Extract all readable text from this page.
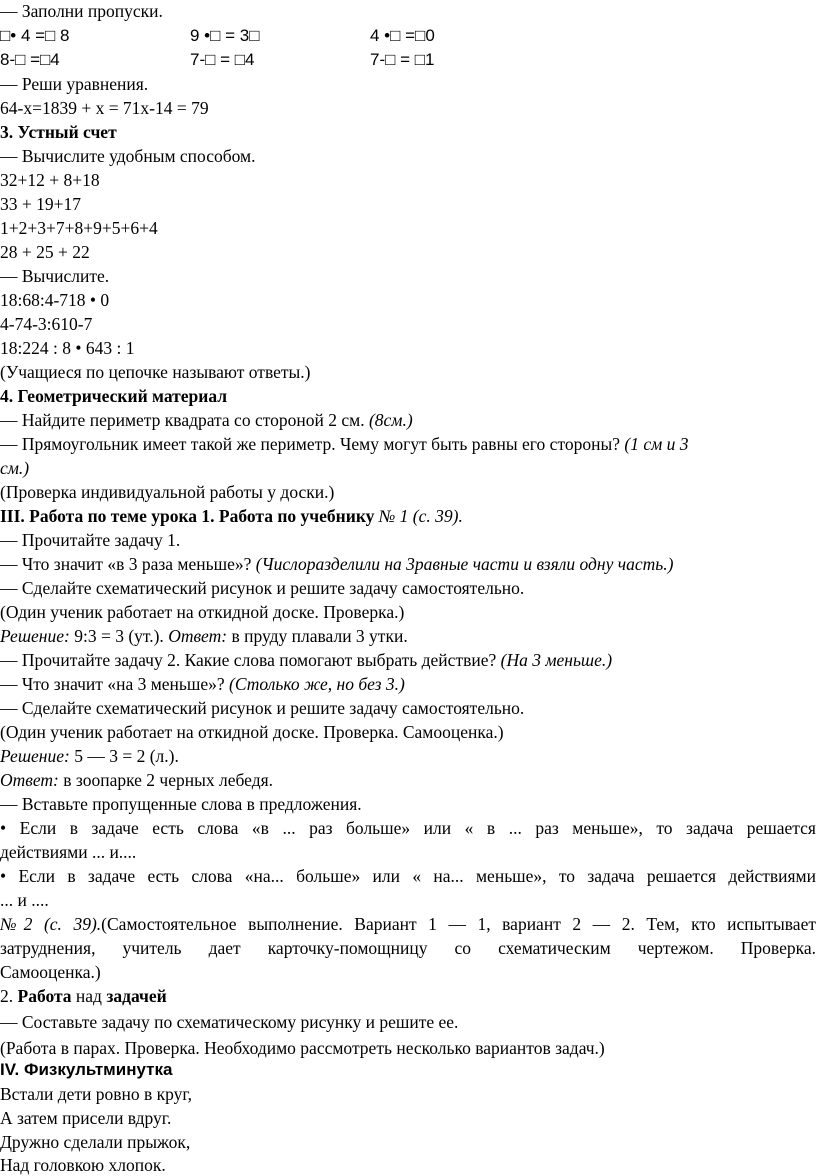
— Заполни пропуски.
□• 4 =□ 8	9 •□ = 3□	4 •□ =□0
8-□ =□4	7-□ = □4	7-□ = □1
— Реши уравнения.
64-х=1839 + х = 71х-14 = 79
3. Устный счет
— Вычислите удобным способом.
32+12 + 8+18
33 + 19+17
1+2+3+7+8+9+5+6+4
28 + 25 + 22
— Вычислите.
18:68:4-718 • 0
4-74-3:610-7
18:224 : 8 • 643 : 1
(Учащиеся по цепочке называют ответы.)
4. Геометрический материал
— Найдите периметр квадрата со стороной 2 см. (8см.)
— Прямоугольник имеет такой же периметр. Чему могут быть равны его стороны? (1 см и 3
см.)
(Проверка индивидуальной работы у доски.)
III. Работа по теме урока 1. Работа по учебнику № 1 (с. 39).
— Прочитайте задачу 1.
— Что значит «в 3 раза меньше»? (Числоразделили на 3равные части и взяли одну часть.)
— Сделайте схематический рисунок и решите задачу самостоятельно.
(Один ученик работает на откидной доске. Проверка.)
Решение: 9:3 = 3 (ут.). Ответ: в пруду плавали 3 утки.
— Прочитайте задачу 2. Какие слова помогают выбрать действие? (На 3 меньше.)
— Что значит «на 3 меньше»? (Столько же, но без 3.)
— Сделайте схематический рисунок и решите задачу самостоятельно.
(Один ученик работает на откидной доске. Проверка. Самооценка.)
Решение: 5 — 3 = 2 (л.).
Ответ: в зоопарке 2 черных лебедя.
— Вставьте пропущенные слова в предложения.
• Если в задаче есть слова «в ... раз больше» или « в ... раз меньше», то задача решается
действиями ... и....
• Если в задаче есть слова «на... больше» или « на... меньше», то задача решается действиями
... и ....
№2 (с. 39).(Самостоятельное выполнение. Вариант 1 — 1, вариант 2 — 2. Тем, кто испытывает
затруднения, учитель дает карточку-помощницу со схематическим чертежом. Проверка.
Самооценка.)
2. Работа над задачей
— Составьте задачу по схематическому рисунку и решите ее.
(Работа в парах. Проверка. Необходимо рассмотреть несколько вариантов задач.)
IV. Физкультминутка
Встали дети ровно в круг,
А затем присели вдруг.
Дружно сделали прыжок,
Над головкою хлопок.
